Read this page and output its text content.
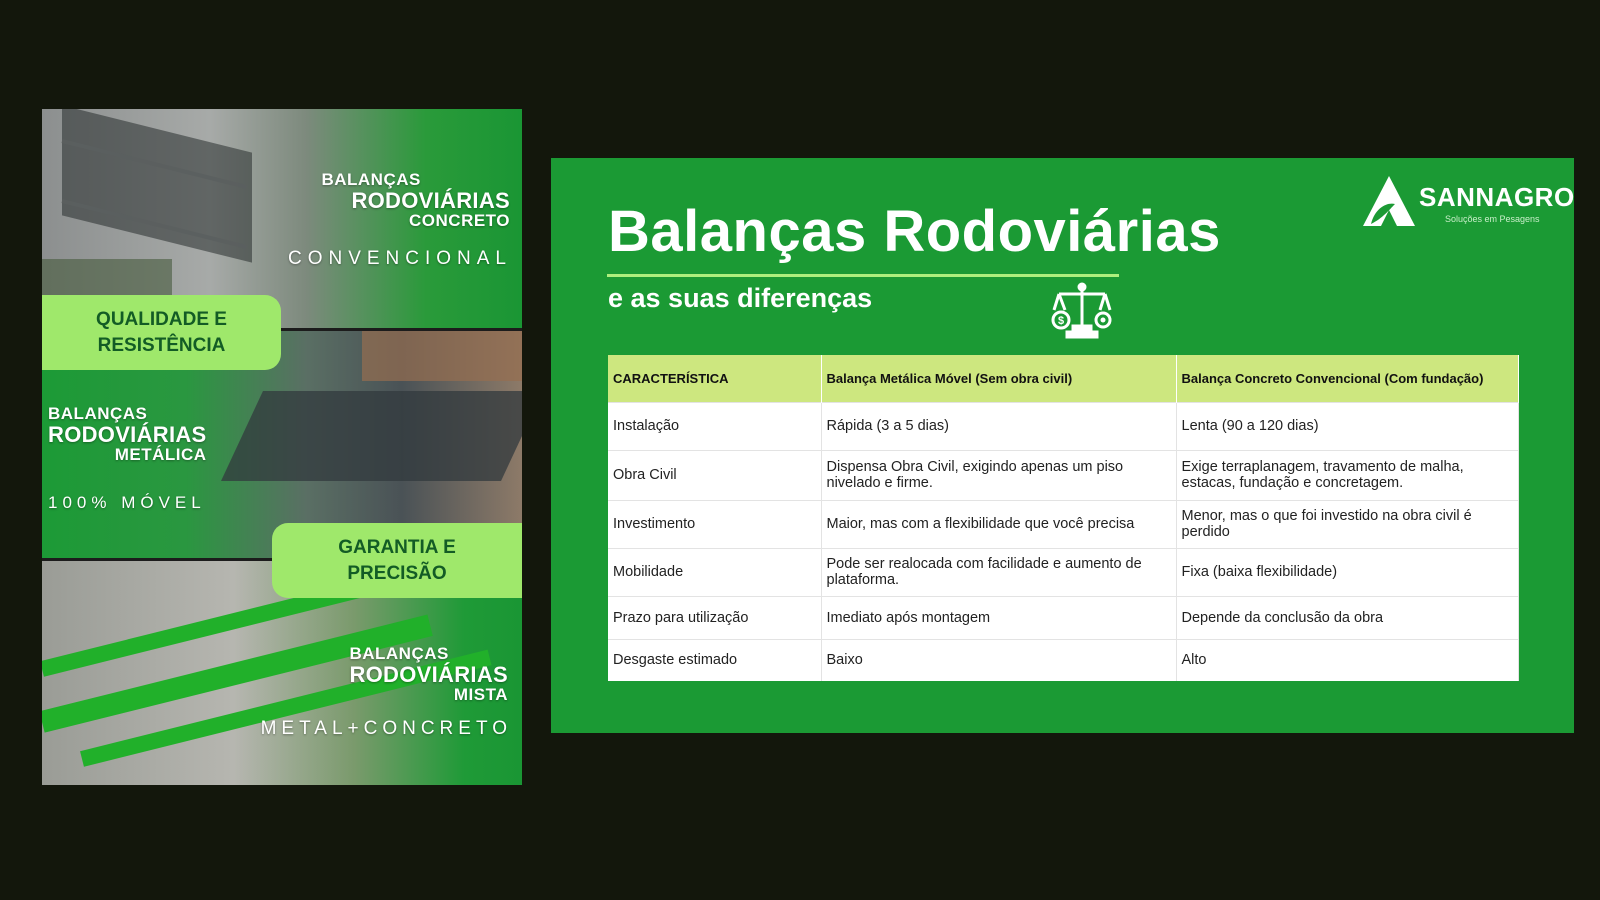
BALANÇAS
RODOVIÁRIAS
CONCRETO
CONVENCIONAL
QUALIDADE E
RESISTÊNCIA
BALANÇAS
RODOVIÁRIAS
METÁLICA
100% MÓVEL
GARANTIA E
PRECISÃO
BALANÇAS
RODOVIÁRIAS
MISTA
METAL+CONCRETO
Balanças Rodoviárias
e as suas diferenças
$
SANNAGRO
Soluções em Pesagens
CARACTERÍSTICA	Balança Metálica Móvel (Sem obra civil)	Balança Concreto Convencional (Com fundação)
Instalação	Rápida (3 a 5 dias)	Lenta (90 a 120 dias)
Obra Civil	Dispensa Obra Civil, exigindo apenas um piso nivelado e firme.	Exige terraplanagem, travamento de malha, estacas, fundação e concretagem.
Investimento	Maior, mas com a flexibilidade que você precisa	Menor, mas o que foi investido na obra civil é perdido
Mobilidade	Pode ser realocada com facilidade e aumento de plataforma.	Fixa (baixa flexibilidade)
Prazo para utilização	Imediato após montagem	Depende da conclusão da obra
Desgaste estimado	Baixo	Alto
